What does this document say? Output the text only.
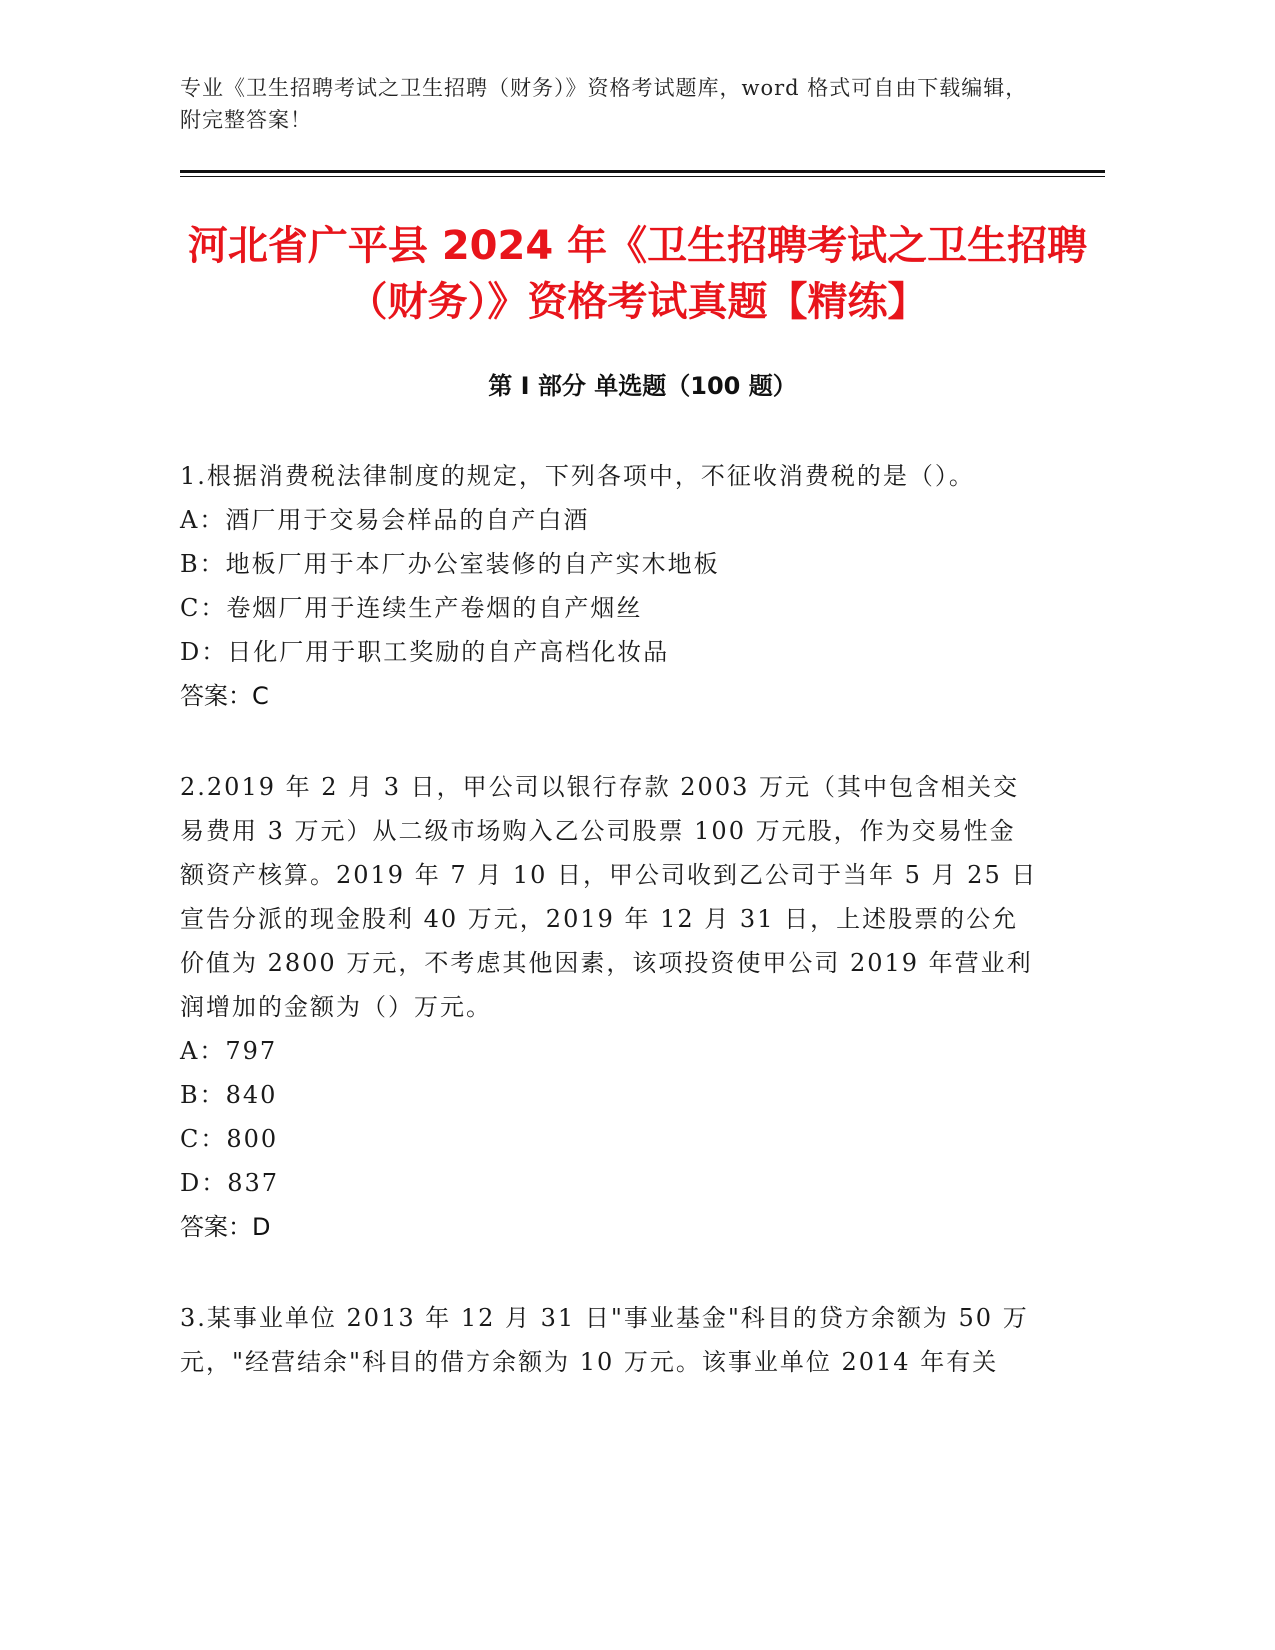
专业《卫生招聘考试之卫生招聘（财务）》资格考试题库，word 格式可自由下载编辑，附完整答案！
河北省广平县 2024 年《卫生招聘考试之卫生招聘（财务）》资格考试真题【精练】
第 I 部分 单选题（100 题）

1.根据消费税法律制度的规定，下列各项中，不征收消费税的是（）。

A：酒厂用于交易会样品的自产白酒

B：地板厂用于本厂办公室装修的自产实木地板

C：卷烟厂用于连续生产卷烟的自产烟丝

D：日化厂用于职工奖励的自产高档化妆品

答案：C

2.2019 年 2 月 3 日，甲公司以银行存款 2003 万元（其中包含相关交易费用 3 万元）从二级市场购入乙公司股票 100 万元股，作为交易性金额资产核算。2019 年 7 月 10 日，甲公司收到乙公司于当年 5 月 25 日宣告分派的现金股利 40 万元，2019 年 12 月 31 日，上述股票的公允价值为 2800 万元，不考虑其他因素，该项投资使甲公司 2019 年营业利润增加的金额为（）万元。

A：797

B：840

C：800

D：837

答案：D

3.某事业单位 2013 年 12 月 31 日"事业基金"科目的贷方余额为 50 万元，"经营结余"科目的借方余额为 10 万元。该事业单位 2014 年有关
